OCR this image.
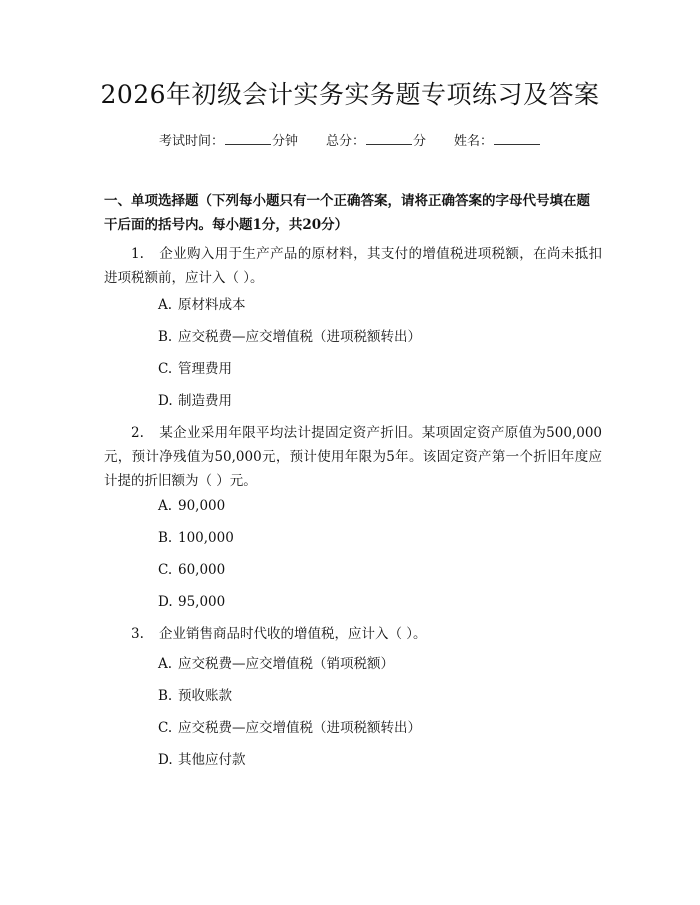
2026年初级会计实务实务题专项练习及答案
考试时间：	分钟 总分：	分 姓名：
一、单项选择题（下列每小题只有一个正确答案，请将正确答案的字母代号填在题干后面的括号内。每小题1分，共20分）
1. 企业购入用于生产产品的原材料，其支付的增值税进项税额，在尚未抵扣进项税额前，应计入（ ）。
A. 原材料成本
B. 应交税费—应交增值税（进项税额转出）
C. 管理费用
D. 制造费用
2. 某企业采用年限平均法计提固定资产折旧。某项固定资产原值为500,000元，预计净残值为50,000元，预计使用年限为5年。该固定资产第一个折旧年度应计提的折旧额为（ ）元。
A. 90,000
B. 100,000
C. 60,000
D. 95,000
3. 企业销售商品时代收的增值税，应计入（ ）。
A. 应交税费—应交增值税（销项税额）
B. 预收账款
C. 应交税费—应交增值税（进项税额转出）
D. 其他应付款
